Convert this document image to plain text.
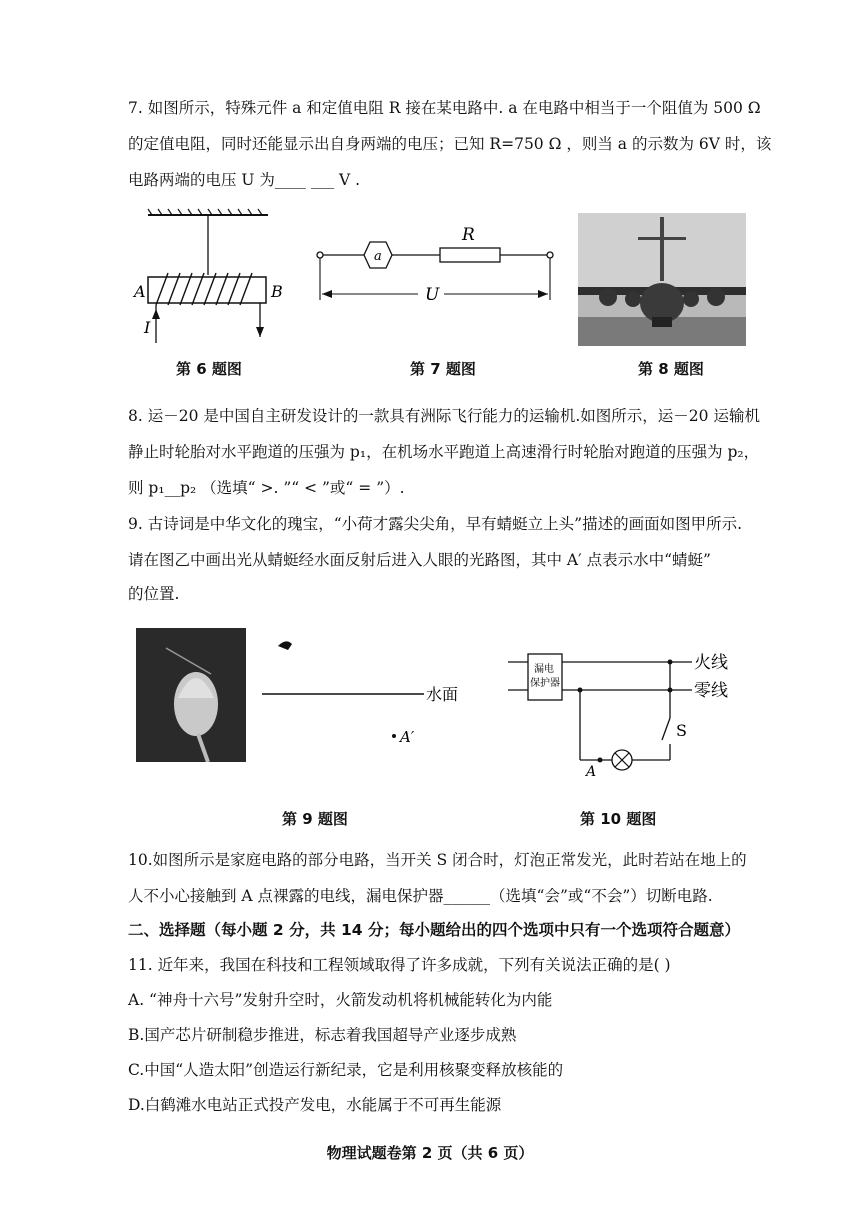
7. 如图所示，特殊元件 a 和定值电阻 R 接在某电路中. a 在电路中相当于一个阻值为 500 Ω
的定值电阻，同时还能显示出自身两端的电压；已知 R=750 Ω ，则当 a 的示数为 6V 时，该
电路两端的电压 U 为____ ___ V .
A	B
I
第 6 题图
a
R
U
第 7 题图	第 8 题图
8. 运－20 是中国自主研发设计的一款具有洲际飞行能力的运输机.如图所示，运－20 运输机
静止时轮胎对水平跑道的压强为 p₁，在机场水平跑道上高速滑行时轮胎对跑道的压强为 p₂，
则 p₁__p₂ （选填“ >. ”“ < ”或“ = ”）.
9. 古诗词是中华文化的瑰宝，“小荷才露尖尖角，早有蜻蜓立上头”描述的画面如图甲所示.
请在图乙中画出光从蜻蜓经水面反射后进入人眼的光路图，其中 A′ 点表示水中“蜻蜓”
的位置.
水面
A′
第 9 题图
漏电
保护器
火线
零线
S
A
第 10 题图
10.如图所示是家庭电路的部分电路，当开关 S 闭合时，灯泡正常发光，此时若站在地上的
人不小心接触到 A 点裸露的电线，漏电保护器______（选填“会”或“不会”）切断电路.
二、选择题（每小题 2 分，共 14 分；每小题给出的四个选项中只有一个选项符合题意）
11. 近年来，我国在科技和工程领域取得了许多成就，下列有关说法正确的是( )
A. “神舟十六号”发射升空时，火箭发动机将机械能转化为内能
B.国产芯片研制稳步推进，标志着我国超导产业逐步成熟
C.中国“人造太阳”创造运行新纪录，它是利用核聚变释放核能的
D.白鹤滩水电站正式投产发电，水能属于不可再生能源
物理试题卷第 2 页（共 6 页）
